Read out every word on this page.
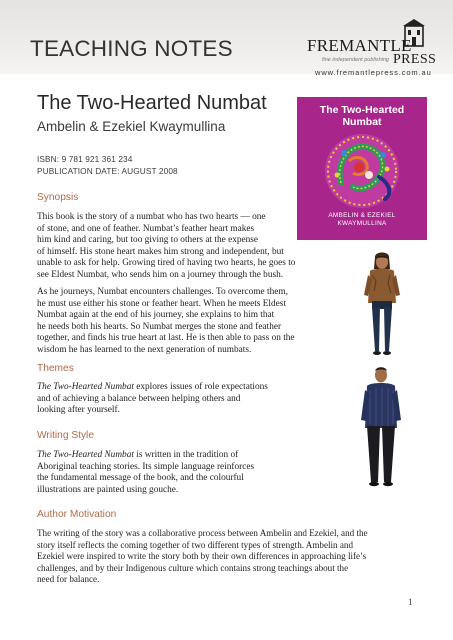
TEACHING NOTES	FREMANTLE
fine independent publishing PRESS
www.fremantlepress.com.au
The Two-Hearted Numbat
Ambelin & Ezekiel Kwaymullina
ISBN: 9 781 921 361 234
PUBLICATION DATE: AUGUST 2008
The Two-Hearted
Numbat
AMBELIN & EZEKIEL
KWAYMULLINA
Synopsis
This book is the story of a numbat who has two hearts — one
of stone, and one of feather. Numbat’s feather heart makes
him kind and caring, but too giving to others at the expense
of himself. His stone heart makes him strong and independent, but
unable to ask for help. Growing tired of having two hearts, he goes to
see Eldest Numbat, who sends him on a journey through the bush.
As he journeys, Numbat encounters challenges. To overcome them,
he must use either his stone or feather heart. When he meets Eldest
Numbat again at the end of his journey, she explains to him that
he needs both his hearts. So Numbat merges the stone and feather
together, and finds his true heart at last. He is then able to pass on the
wisdom he has learned to the next generation of numbats.
Themes
The Two-Hearted Numbat explores issues of role expectations
and of achieving a balance between helping others and
looking after yourself.
Writing Style
The Two-Hearted Numbat is written in the tradition of
Aboriginal teaching stories. Its simple language reinforces
the fundamental message of the book, and the colourful
illustrations are painted using gouche.
Author Motivation
The writing of the story was a collaborative process between Ambelin and Ezekiel, and the
story itself reflects the coming together of two different types of strength. Ambelin and
Ezekiel were inspired to write the story both by their own differences in approaching life’s
challenges, and by their Indigenous culture which contains strong teachings about the
need for balance.
1
